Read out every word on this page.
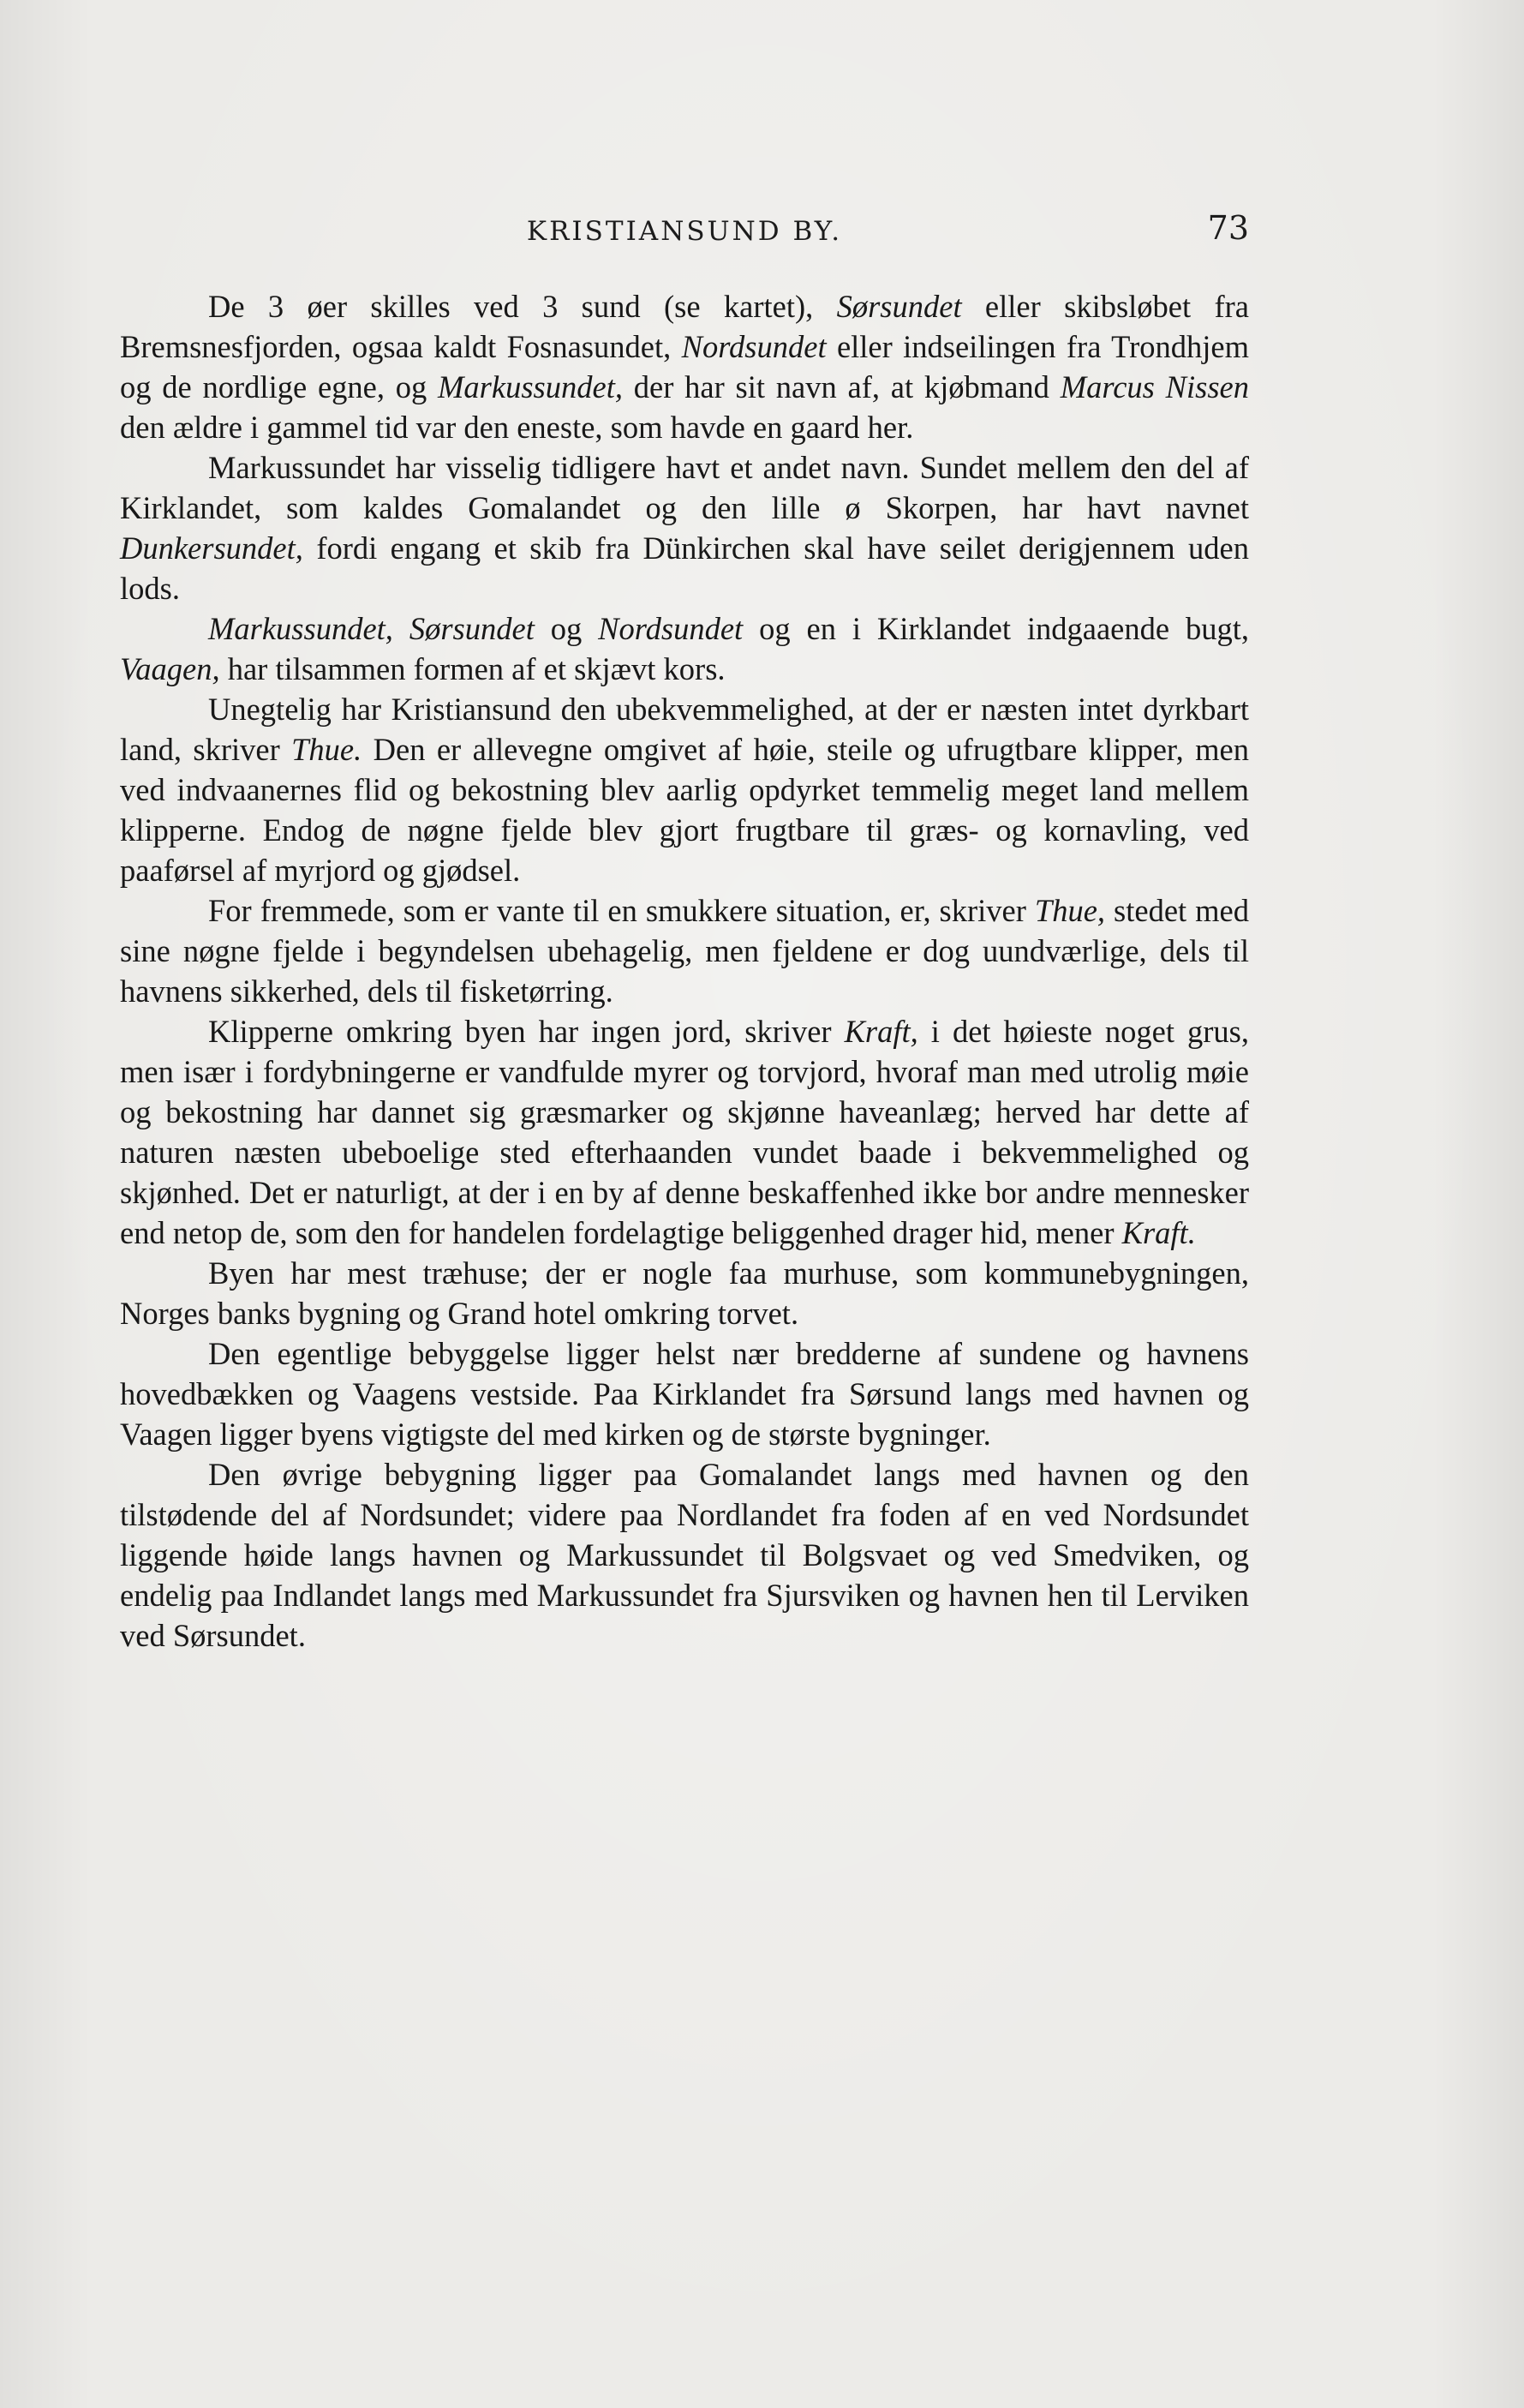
KRISTIANSUND BY.	73

De 3 øer skilles ved 3 sund (se kartet), Sørsundet eller skibsløbet fra Bremsnesfjorden, ogsaa kaldt Fosnasundet, Nordsundet eller indseilingen fra Trondhjem og de nordlige egne, og Markussundet, der har sit navn af, at kjøbmand Marcus Nissen den ældre i gammel tid var den eneste, som havde en gaard her.

Markussundet har visselig tidligere havt et andet navn. Sundet mellem den del af Kirklandet, som kaldes Gomalandet og den lille ø Skorpen, har havt navnet Dunkersundet, fordi engang et skib fra Dünkirchen skal have seilet derigjennem uden lods.

Markussundet, Sørsundet og Nordsundet og en i Kirklandet indgaaende bugt, Vaagen, har tilsammen formen af et skjævt kors.

Unegtelig har Kristiansund den ubekvemmelighed, at der er næsten intet dyrkbart land, skriver Thue. Den er allevegne omgivet af høie, steile og ufrugtbare klipper, men ved indvaanernes flid og bekostning blev aarlig opdyrket temmelig meget land mellem klipperne. Endog de nøgne fjelde blev gjort frugtbare til græs- og kornavling, ved paaførsel af myrjord og gjødsel.

For fremmede, som er vante til en smukkere situation, er, skriver Thue, stedet med sine nøgne fjelde i begyndelsen ubehagelig, men fjeldene er dog uundværlige, dels til havnens sikkerhed, dels til fisketørring.

Klipperne omkring byen har ingen jord, skriver Kraft, i det høieste noget grus, men især i fordybningerne er vandfulde myrer og torvjord, hvoraf man med utrolig møie og bekostning har dannet sig græsmarker og skjønne haveanlæg; herved har dette af naturen næsten ubeboelige sted efterhaanden vundet baade i bekvemmelighed og skjønhed. Det er naturligt, at der i en by af denne beskaffenhed ikke bor andre mennesker end netop de, som den for handelen fordelagtige beliggenhed drager hid, mener Kraft.

Byen har mest træhuse; der er nogle faa murhuse, som kommunebygningen, Norges banks bygning og Grand hotel omkring torvet.

Den egentlige bebyggelse ligger helst nær bredderne af sundene og havnens hovedbækken og Vaagens vestside. Paa Kirklandet fra Sørsund langs med havnen og Vaagen ligger byens vigtigste del med kirken og de største bygninger.

Den øvrige bebygning ligger paa Gomalandet langs med havnen og den tilstødende del af Nordsundet; videre paa Nordlandet fra foden af en ved Nordsundet liggende høide langs havnen og Markussundet til Bolgsvaet og ved Smedviken, og endelig paa Indlandet langs med Markussundet fra Sjursviken og havnen hen til Lerviken ved Sørsundet.
